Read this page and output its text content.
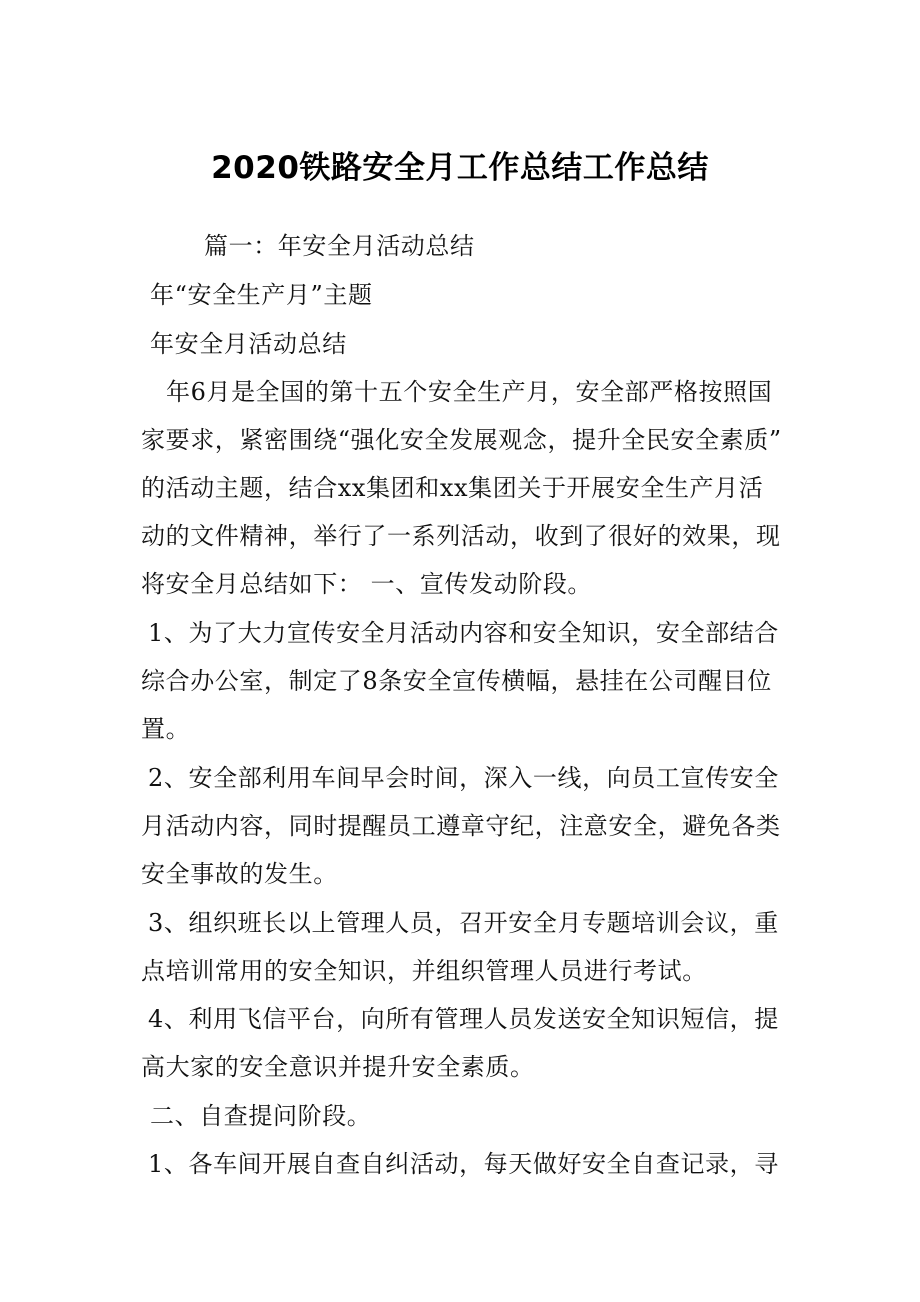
2020铁路安全月工作总结工作总结
篇一：年安全月活动总结
年“安全生产月”主题
年安全月活动总结
年6月是全国的第十五个安全生产月，安全部严格按照国
家要求，紧密围绕“强化安全发展观念，提升全民安全素质”
的活动主题，结合xx集团和xx集团关于开展安全生产月活
动的文件精神，举行了一系列活动，收到了很好的效果，现
将安全月总结如下： 一、宣传发动阶段。
1、为了大力宣传安全月活动内容和安全知识，安全部结合
综合办公室，制定了8条安全宣传横幅，悬挂在公司醒目位
置。
2、安全部利用车间早会时间，深入一线，向员工宣传安全
月活动内容，同时提醒员工遵章守纪，注意安全，避免各类
安全事故的发生。
3、组织班长以上管理人员，召开安全月专题培训会议，重
点培训常用的安全知识，并组织管理人员进行考试。
4、利用飞信平台，向所有管理人员发送安全知识短信，提
高大家的安全意识并提升安全素质。
二、自查提问阶段。
1、各车间开展自查自纠活动，每天做好安全自查记录，寻
